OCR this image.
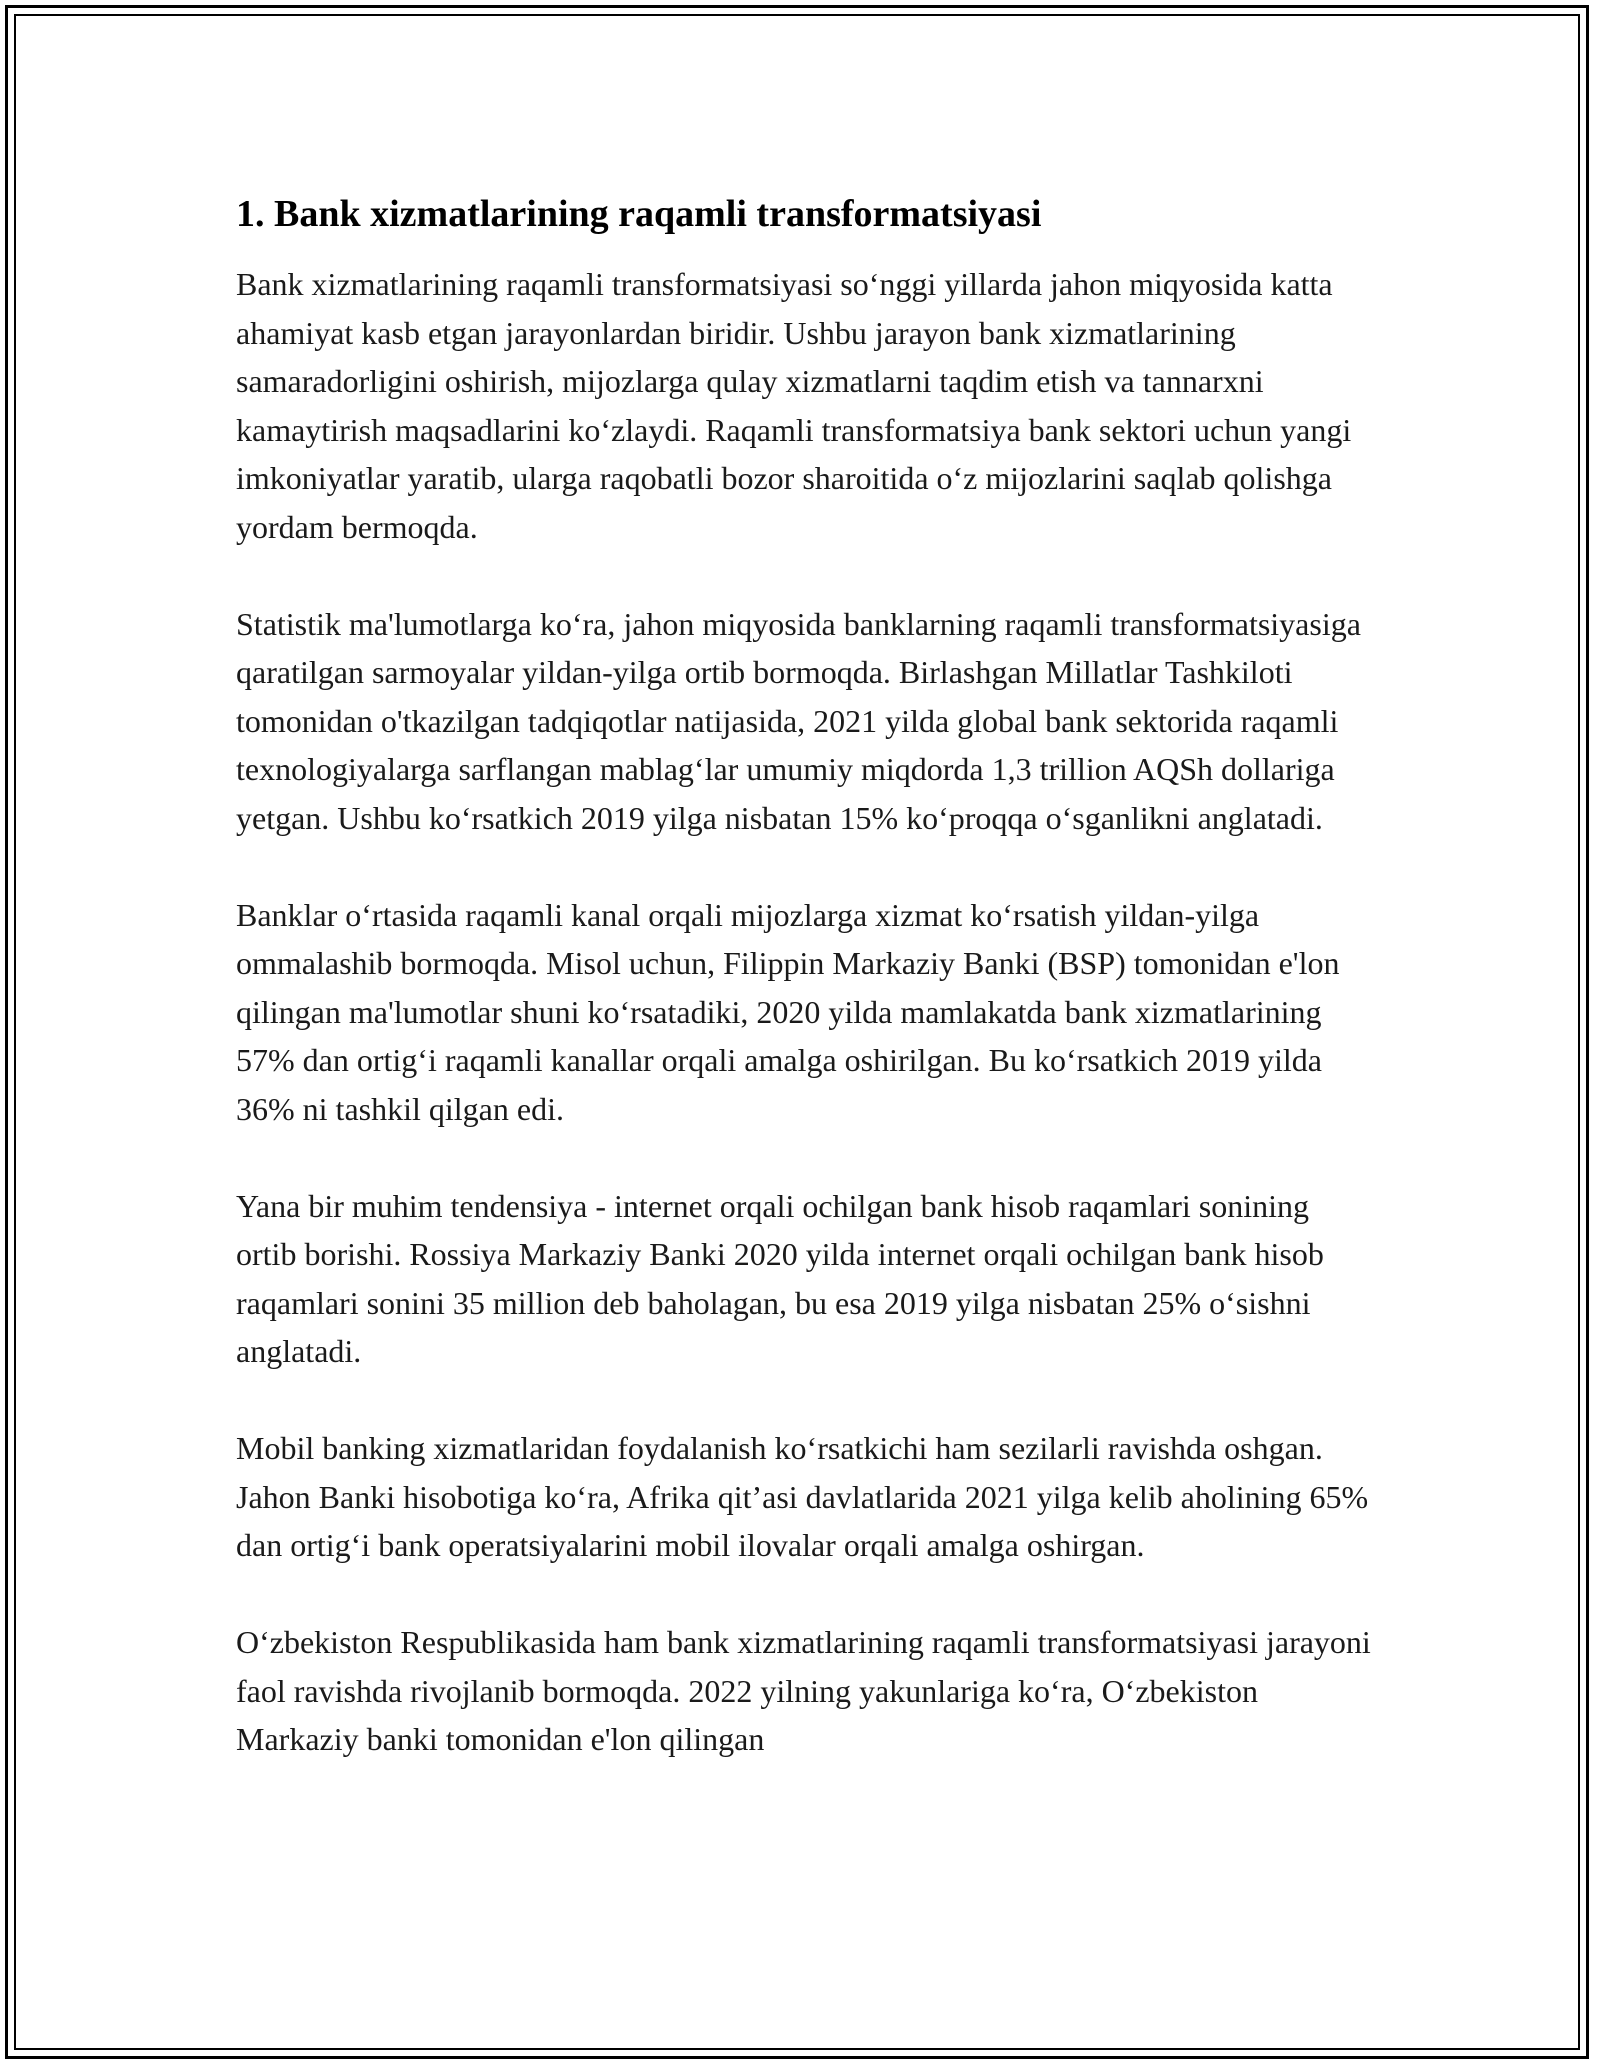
1. Bank xizmatlarining raqamli transformatsiyasi

Bank xizmatlarining raqamli transformatsiyasi so‘nggi yillarda jahon miqyosida katta ahamiyat kasb etgan jarayonlardan biridir. Ushbu jarayon bank xizmatlarining samaradorligini oshirish, mijozlarga qulay xizmatlarni taqdim etish va tannarxni kamaytirish maqsadlarini ko‘zlaydi. Raqamli transformatsiya bank sektori uchun yangi imkoniyatlar yaratib, ularga raqobatli bozor sharoitida o‘z mijozlarini saqlab qolishga yordam bermoqda.

Statistik ma'lumotlarga ko‘ra, jahon miqyosida banklarning raqamli transformatsiyasiga qaratilgan sarmoyalar yildan-yilga ortib bormoqda. Birlashgan Millatlar Tashkiloti tomonidan o'tkazilgan tadqiqotlar natijasida, 2021 yilda global bank sektorida raqamli texnologiyalarga sarflangan mablag‘lar umumiy miqdorda 1,3 trillion AQSh dollariga yetgan. Ushbu ko‘rsatkich 2019 yilga nisbatan 15% ko‘proqqa o‘sganlikni anglatadi.

Banklar o‘rtasida raqamli kanal orqali mijozlarga xizmat ko‘rsatish yildan-yilga ommalashib bormoqda. Misol uchun, Filippin Markaziy Banki (BSP) tomonidan e'lon qilingan ma'lumotlar shuni ko‘rsatadiki, 2020 yilda mamlakatda bank xizmatlarining 57% dan ortig‘i raqamli kanallar orqali amalga oshirilgan. Bu ko‘rsatkich 2019 yilda 36% ni tashkil qilgan edi.

Yana bir muhim tendensiya - internet orqali ochilgan bank hisob raqamlari sonining ortib borishi. Rossiya Markaziy Banki 2020 yilda internet orqali ochilgan bank hisob raqamlari sonini 35 million deb baholagan, bu esa 2019 yilga nisbatan 25% o‘sishni anglatadi.

Mobil banking xizmatlaridan foydalanish ko‘rsatkichi ham sezilarli ravishda oshgan. Jahon Banki hisobotiga ko‘ra, Afrika qit’asi davlatlarida 2021 yilga kelib aholining 65% dan ortig‘i bank operatsiyalarini mobil ilovalar orqali amalga oshirgan.

O‘zbekiston Respublikasida ham bank xizmatlarining raqamli transformatsiyasi jarayoni faol ravishda rivojlanib bormoqda. 2022 yilning yakunlariga ko‘ra, O‘zbekiston Markaziy banki tomonidan e'lon qilingan
